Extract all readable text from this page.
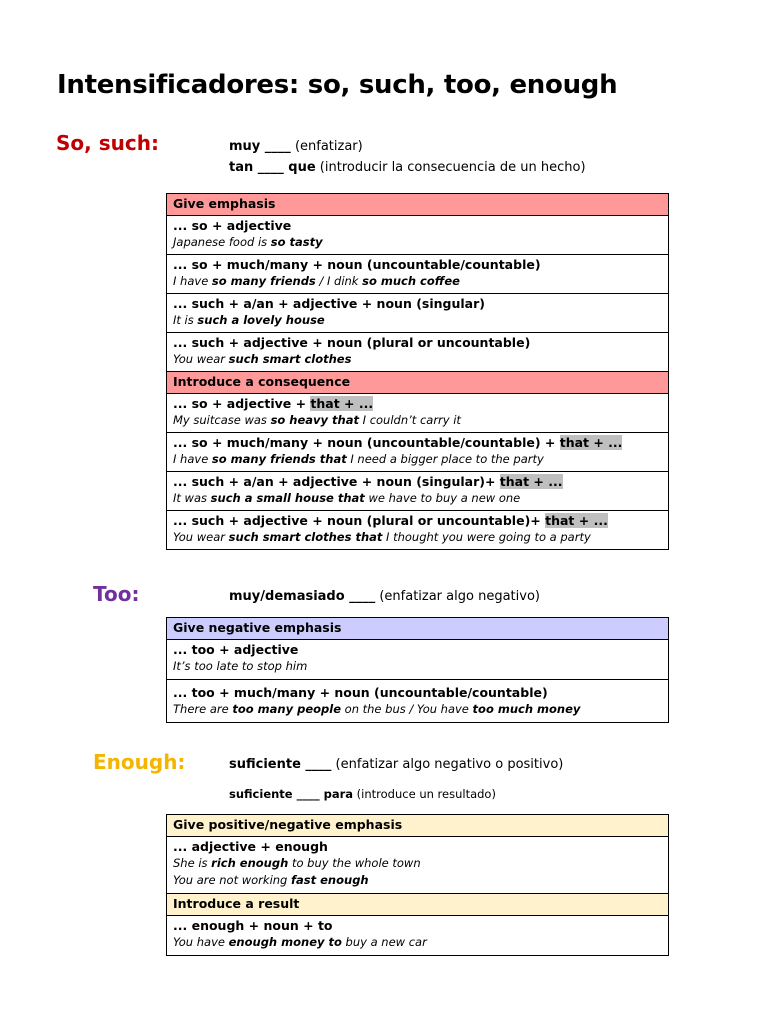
Intensificadores: so, such, too, enough
So, such:	muy ____ (enfatizar)
tan ____ que (introducir la consecuencia de un hecho)
Give emphasis

... so + adjective
Japanese food is so tasty

... so + much/many + noun (uncountable/countable)
I have so many friends / I dink so much coffee

... such + a/an + adjective + noun (singular)
It is such a lovely house

... such + adjective + noun (plural or uncountable)
You wear such smart clothes

Introduce a consequence

... so + adjective + that + ...
My suitcase was so heavy that I couldn’t carry it

... so + much/many + noun (uncountable/countable) + that + ...
I have so many friends that I need a bigger place to the party

... such + a/an + adjective + noun (singular)+ that + ...
It was such a small house that we have to buy a new one

... such + adjective + noun (plural or uncountable)+ that + ...
You wear such smart clothes that I thought you were going to a party
Too:	muy/demasiado ____ (enfatizar algo negativo)
Give negative emphasis

... too + adjective
It’s too late to stop him

... too + much/many + noun (uncountable/countable)
There are too many people on the bus / You have too much money
Enough:	suficiente ____ (enfatizar algo negativo o positivo)
suficiente ____ para (introduce un resultado)
Give positive/negative emphasis

... adjective + enough
She is rich enough to buy the whole town
You are not working fast enough

Introduce a result

... enough + noun + to
You have enough money to buy a new car
